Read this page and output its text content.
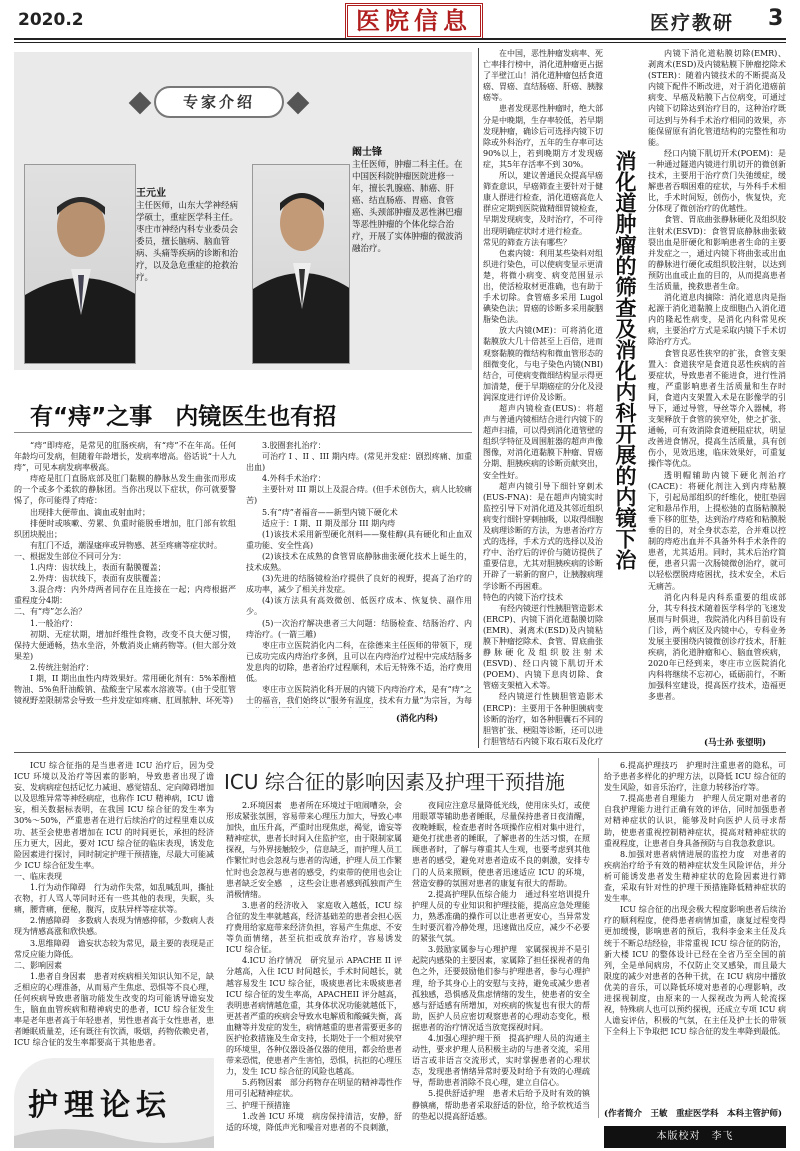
2020.2	医院信息	医疗教研 3
专家介绍
王元业
主任医师，山东大学神经病学硕士，重症医学科主任。枣庄市神经内科专业委员会委员，擅长脑病、脑血管病、头痛等疾病的诊断和治疗，以及急危重症的抢救治疗。
阚士锋
主任医师，肿瘤二科主任。在中国医科院肿瘤医院进修一年，擅长乳腺癌、肺癌、肝癌、结直肠癌、胃癌、食管癌、头颈部肿瘤及恶性淋巴瘤等恶性肿瘤的个体化综合治疗，开展了实体肿瘤的微波消融治疗。
有“痔”之事　内镜医生也有招

“痔”即痔疮，是常见的肛肠疾病，有“痔”不在年高。任何年龄均可发病，但随着年龄增长，发病率增高。俗话说“十人九痔”，可见本病发病率极高。

痔疮是肛门直肠底部及肛门黏膜的静脉丛发生曲张而形成的一个或多个柔软的静脉团。当你出现以下症状，你可就要警惕了，你可能得了痔疮：

出现排大便带血、滴血或射血时；

排便时或咳嗽、劳累、负重时能脱垂增加，肛门部有软组织团块脱出；

有肛门不适，潮湿瘙痒或异物感、甚至疼痛等症状时。

一、根据发生部位不同可分为：

1.内痔：齿状线上，表面有黏膜覆盖；

2.外痔：齿状线下，表面有皮肤覆盖；

3.混合痔：内外痔两者同存在且连接在一起；内痔根据严重程度分4期：

二、有“痔”怎么治？

1.一般治疗：

初期、无症状期，增加纤维性食物，改变不良大便习惯，保持大便通畅，热水坐浴，外敷消炎止痛药物等。(但大部分效果差)

2.传统注射治疗：

I 期，II 期出血性内痔效果好。常用硬化剂有：5%苯酚植物油、5%鱼肝油酸钠、盐酸奎宁尿素水溶液等。(由于受肛管镜视野差限制常会导致一些并发症如疼痛、肛周脓肿、坏死等)

3.胶圈套扎治疗：

可治疗 I 、II 、III 期内痔。(常见并发症：剧烈疼痛、加重出血)

4.外科手术治疗：

主要针对 III 期以上及混合痔。(但手术创伤大，病人比较痛苦)

5.有“痔”者福音——新型内镜下硬化术

适应于：I 期、II 期及部分 III 期内痔

(1)该技术采用新型硬化剂料——聚桂醇(具有硬化和止血双重功能、安全性高)

(2)该技术在成熟的食管胃底静脉曲张硬化技术上诞生的，技术成熟。

(3)先进的结肠镜检治疗提供了良好的视野，提高了治疗的成功率，减少了相关并发症。

(4)该方法具有高效微创、低医疗成本、恢复快、副作用少。

(5)一次治疗解决患者三大问题：结肠检查、结肠治疗、内痔治疗。(一箭三雕)

枣庄市立医院消化内二科，在徐德来主任医师的带领下，现已成功完成内痔治疗多例，且可以在内痔治疗过程中完成结肠多发息肉的切除，患者治疗过程顺利，术后无特殊不适，治疗费用低。

枣庄市立医院消化科开展的内镜下内痔治疗术，是有“痔”之士的福音，我们始终以“服务有温度，技术有力量”为宗旨，为每

(消化内科)

在中国，恶性肿瘤发病率、死亡率排行榜中，消化道肿瘤更占据了半壁江山！消化道肿瘤包括食道癌、胃癌、直结肠癌、肝癌、胰腺癌等。

患者发现恶性肿瘤时，绝大部分是中晚期，生存率较低，若早期发现肿瘤，确诊后可选择内镜下切除或外科治疗，五年的生存率可达 90%以上，若到晚期方才发现癌症，其5年存活率不到 30%。

所以，建议普通民众提高早癌筛查意识，早癌筛查主要针对于健康人群进行检查，消化道癌高危人群应定期到医院做精细胃镜检查，早期发现病变，及时治疗，不可待出现明确症状时才进行检查。

常见的筛查方法有哪些？

色素内镜：利用某些染料对组织进行染色，可以使病变显示更清楚，将微小病变、病变范围显示出，使活检取材更准确，也有助于手术切除。食管癌多采用 Lugol 碘染色法；胃癌的诊断多采用靛胭脂染色法。

放大内镜(ME)：可将消化道黏膜放大几十倍甚至上百倍，进而观察黏膜的微结构和微血管形态的细微变化，与电子染色内镜(NBI)结合，可使病变微细结构显示得更加清楚，便于早期癌症的分化及浸润深度进行评价及诊断。

超声内镜检查(EUS)：将超声与普通内镜相结合进行内镜下的超声扫描，可以得到消化道管壁的组织学特征及周围脏器的超声声像图像，对消化道黏膜下肿瘤、胃癌分期、胆胰疾病的诊断贡献突出，安全性好。

超声内镜引导下细针穿刺术(EUS-FNA)：是在超声内镜实时监控引导下对消化道及其邻近组织病变行细针穿刺抽吸，以取得细胞及病理诊断的方法，为患者治疗方式的选择，手术方式的选择以及治疗中、治疗后的评价与随访提供了重要信息，尤其对胆胰疾病的诊断开辟了一崭新的窗户，让胰腺病理学诊断不再困难。

特色的内镜下治疗技术

有经内镜逆行性胰胆管造影术(ERCP)、内镜下消化道黏膜切除(EMR)、剥离术(ESD)及内镜粘膜下肿瘤挖除术、食管、胃底曲张静脉硬化及组织胶注射术(ESVD)、经口内镜下肌切开术(POEM)、内镜下息肉切除、食管癌支架植入术等。

经内镜逆行性胰胆管造影术(ERCP)：主要用于各种胆胰病变诊断的治疗，如各种胆囊石不同的胆管扩张、梗阻等诊断，还可以进行胆管结石内镜下取石取石及化疗

消化道肿瘤的筛查及消化内科开展的内镜下治

内镜下消化道粘膜切除(EMR)、剥离术(ESD)及内镜粘膜下肿瘤挖除术(STER)：随着内镜技术的不断提高及内镜下配件不断改进，对于消化道癌前病变、早癌及粘膜下占位病变，可通过内镜下切除达到治疗目的，这种治疗既可达到与外科手术治疗相同的效果，亦能保留原有消化管道结构的完整性和功能。

经口内镜下肌切开术(POEM)：是一种通过隧道内镜进行肌切开的微创新技术，主要用于治疗贲门失弛缓症，缓解患者吞咽困难的症状，与外科手术相比，手术时间短，创伤小，恢复快，充分体现了微创治疗的优越性。

食管、胃底曲张静脉硬化及组织胶注射术(ESVD)：食管胃底静脉曲张破裂出血是肝硬化和影响患者生命的主要并发症之一，通过内镜下将曲张或出血的静脉进行硬化或组织胶注射，以达到预防出血或止血的目的，从而提高患者生活质量，挽救患者生命。

消化道息肉摘除：消化道息肉是指起源于消化道黏膜上皮细胞凸入消化道内的隆起性病变，是消化内科常见疾病，主要治疗方式是采取内镜下手术切除治疗方式。

食管良恶性狭窄的扩张，食管支架置入：食道狭窄是食道良恶性疾病的首要症状，导致患者不能进食，进行性消瘦，严重影响患者生活质量和生存时间，食道内支架置入术是在影像学的引导下，通过导管，导丝等介入器械，将支架释放于食管的狭窄处，使之扩张、通畅，可有效消除食道梗阻症状，明显改善进食情况，提高生活质量，具有创伤小，见效迅速，临床效果好，可重复操作等优点。

透明帽辅助内镜下硬化剂治疗(CACE)：将硬化剂注入到内痔粘膜下，引起局部组织的纤维化，使肛垫固定和悬吊作用，上提松弛的直肠粘膜脱垂下移的肛垫，达到治疗痔疮和粘膜脱垂的目的，对全身状态差，合并难以控制的痔疮出血并不具备外科手术条件的患者，尤其适用。同时，其术后治疗简便，患者只需一次肠镜微创治疗，就可以轻松摆脱痔疮困扰，技术安全，术后无痛苦。

消化内科是内科系重要的组成部分，其专科技术随着医学科学的飞速发展而与时俱进，我院消化内科目前设有门诊，两个病区及内镜中心，专科业务发展主要围绕内镜微创诊疗技术，肝脏疾病，消化道肿瘤和心、脑血管疾病，2020年已经到来，枣庄市立医院消化内科将继续不忘初心，砥砺前行，不断加强科室建设，提高医疗技术，造福更多患者。

(马士孙 张望明)

ICU 综合征指的是当患者进 ICU 治疗后，因为受 ICU 环境以及治疗等因素的影响，导致患者出现了谵妄、发病病症包括记忆力减退、感觉错乱、定向障碍增加以及思维异常等神经病症，也称作 ICU 精神病，ICU 谵妄，相关数据标表明，在我国 ICU 综合征的发生率为 30%～50%，严重患者在进行后续治疗的过程里难以成功、甚至会使患者增加在 ICU 的时间更长，承担的经济压力更大，因此，要对 ICU 综合征的临床表现，诱发危险因素进行探讨，同时制定护理干预措施，尽最大可能减少 ICU 综合征发生率。

一、临床表现

1.行为动作障碍　行为动作失常，如乱喊乱叫，撕扯衣物，打人骂人等同时还有一些其他的表现，失眠，头痛，腰背痛，便秘，腹泻，皮肤异样等症状等。

2.情感障碍　多数病人表现为情感抑郁，少数病人表现为情感高涨和欣快感。

3.思维障碍　谵妄状态较为常见，最主要的表现是正常反应能力降低。

二、影响因素

1.患者自身因素　患者对疾病相关知识认知不足，缺乏相应的心理准备，从而易产生焦虑、恐惧等不良心理，任何疾病导致患者脑功能发生改变的均可能诱导谵妄发生，脑血血管疾病和精神病史的患者，ICU 综合征发生率是老年患者高于年轻患者，男性患者高于女性患者，患者睡眠质量差，还有既往有饮酒，吸烟，药物依赖史者，ICU 综合征的发生率都要高于其他患者。

ICU 综合征的影响因素及护理干预措施

2.环境因素　患者所在环境过于喧闹嘈杂，会形成紧张氛围，容易带来心理压力加大，导致心率加快，血压升高，严重时出现焦虑，褐觉，谵妄等精神症状，患者长时间入住监护室，由于限制家属探视，与外界接触较少，信息缺乏，而护理人员工作繁忙时也会忽视与患者的沟通，护理人员工作繁忙时也会忽视与患者的感受，约束带的使用也会让患者缺乏安全感　，这些会让患者感到孤独而产生消极情绪。

3.患者的经济收入　家庭收入越低，ICU 综合征的发生率就越高，经济基础差的患者会担心医疗费用给家庭带来经济负担，容易产生焦虑、不安等负面情绪，甚至抗拒或放弃治疗，容易诱发 ICU 综合征。

4.ICU 治疗情况　研究显示 APACHE II 评分越高，入住 ICU 时间越长，手术时间越长，就越容易发生 ICU 综合征，吸痰患者比未吸痰患者 ICU 综合征的发生率高，APACHEII 评分越高，表明患者病情越危重，其身体状况功能就越低下，更甚者严重的疾病会导致水电解质和酸碱失衡，高血糖等并发症的发生，病情越重的患者需要更多的医护抢救措施及生命支持，长期处于一个相对狭窄的环境里，各种仪器设备仪器的使用，都会给患者带来恐慌，使患者产生害怕，恐惧，抗拒的心理压力，发生 ICU 综合征的风险也越高。

5.药物因素　部分药物存在明显的精神毒性作用可引起精神症状。

三、护理干预措施

1.改善 ICU 环境　病房保持清洁，安静，舒适的环境，降低声光和噪音对患者的不良刺激，

夜间应注意尽量降低光线，使用床头灯，或使用眼罩等辅助患者睡眠，尽量保持患者日夜清醒，夜晚睡眠，检查患者时各项操作应相对集中进行，避免打扰患者的睡眠，了解患者的生活习惯，在照顾患者时，了解与尊重其人生观，也要考虑到其他患者的感受，避免对患者造成不良的刺激，安排专门的人员来照顾，使患者迅速适应 ICU 的环境，营造安静的氛围对患者的康复有很大的帮助。

2.提高护理队伍综合能力　通过科室培训提升护理人员的专业知识和护理技能，提高应急处理能力，熟悉准确的操作可以让患者更安心，当异常发生时要沉着冷静处理，迅速做出反应，减少不必要的紧张气氛。

3.鼓励家属参与心理护理　家属探视并不是引起院内感染的主要因素，家属除了担任探视者的角色之外，还要鼓励他们参与护理患者，参与心理护理，给予其身心上的安慰与支持，避免或减少患者孤独感，恐惧感及焦虑情绪的发生，使患者的安全感与舒适感有所增加，对疾病的恢复也有很大的帮助，医护人员应密切观察患者的心理动态变化，根据患者的治疗情况适当放宽探视时间。

4.加强心理护理干预　提高护理人员的沟通主动性，要求护理人员积极主动的与患者交流，采用语言或非语言交流形式，实时掌握患者的心理状态，发现患者情绪异常时要及时给予有效的心理疏导，帮助患者消除不良心理，建立自信心。

5.提供舒适护理　患者术后给予及时有效的镇静镇痛，帮助患者采取舒适的卧位，给予软枕适当的垫起以提高舒适感。

6.提高护理技巧　护理时注重患者的隐私，可给予患者多样化的护理方法，以降低 ICU 综合征的发生风险，如音乐治疗，注意力转移治疗等。

7.提高患者自理能力　护理人员定期对患者的自我护理能力进行正确有效的评估，同时加强患者对精神症状的认识，能够及时向医护人员寻求帮助，使患者重视控制精神症状，提高对精神症状的重视程度，让患者自身具备预防与自我急救意识。

8.加强对患者病情进展的监控力度　对患者的疾病治疗给予有效的精神症状发生风险评估，并分析可能诱发患者发生精神症状的危险因素进行筛查，采取有针对性的护理干预措施降低精神症状的发生率。

ICU 综合征的出现会极大程度影响患者后续治疗的顺利程度，使得患者病情加重，康复过程变得更加缓慢，影响患者的预后，我科李金来主任及兵统于不断总结经验，非常重视 ICU 综合征的防治，新大楼 ICU 的整体设计已经在全省乃至全国的前列，全是单间病房，不仅防止交叉感染，而且最大限度的减少对患者的各种干扰，在 ICU 病房中播放优美的音乐，可以降低环境对患者的心理影响，改进探视制度，由原来的一人探视改为两人轮流探视，特殊病人也可以预约探视，还成立专项 ICU 病人谵妄评估，积极的气氛，在主任及护士长的带领下全科上下争取把 ICU 综合征的发生率降到最低。

(作者简介　王敏　重症医学科　本科主管护师)
本版校对　李飞
护理论坛
